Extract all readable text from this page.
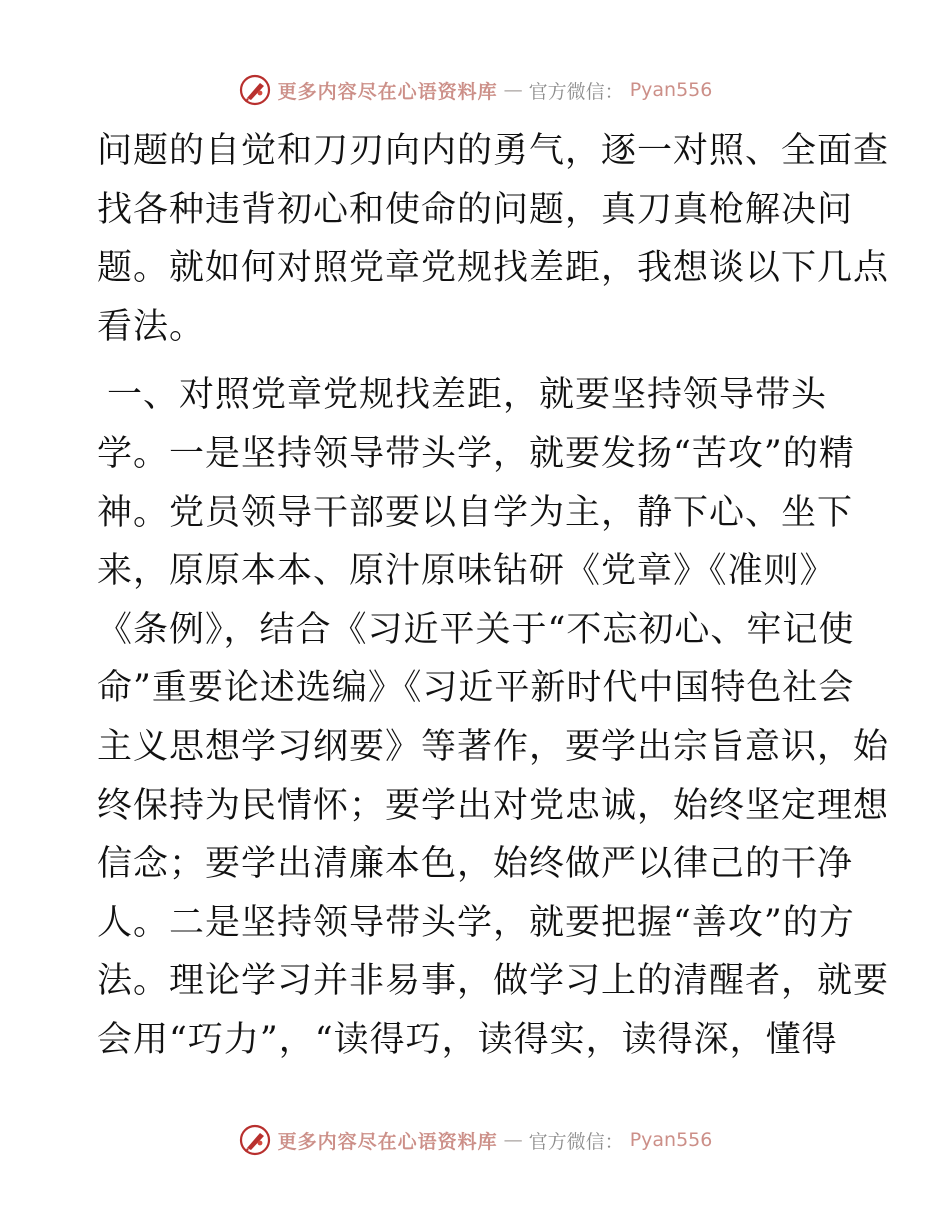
更多内容尽在心语资料库 — 官方微信： Pyan556
问题的自觉和刀刃向内的勇气，逐一对照、全面查
找各种违背初心和使命的问题，真刀真枪解决问
题。就如何对照党章党规找差距，我想谈以下几点
看法。
一、对照党章党规找差距，就要坚持领导带头
学。一是坚持领导带头学，就要发扬“苦攻”的精
神。党员领导干部要以自学为主，静下心、坐下
来，原原本本、原汁原味钻研《党章》《准则》
《条例》，结合《习近平关于“不忘初心、牢记使
命”重要论述选编》《习近平新时代中国特色社会
主义思想学习纲要》等著作，要学出宗旨意识，始
终保持为民情怀；要学出对党忠诚，始终坚定理想
信念；要学出清廉本色，始终做严以律己的干净
人。二是坚持领导带头学，就要把握“善攻”的方
法。理论学习并非易事，做学习上的清醒者，就要
会用“巧力”，“读得巧，读得实，读得深，懂得
更多内容尽在心语资料库 — 官方微信： Pyan556
